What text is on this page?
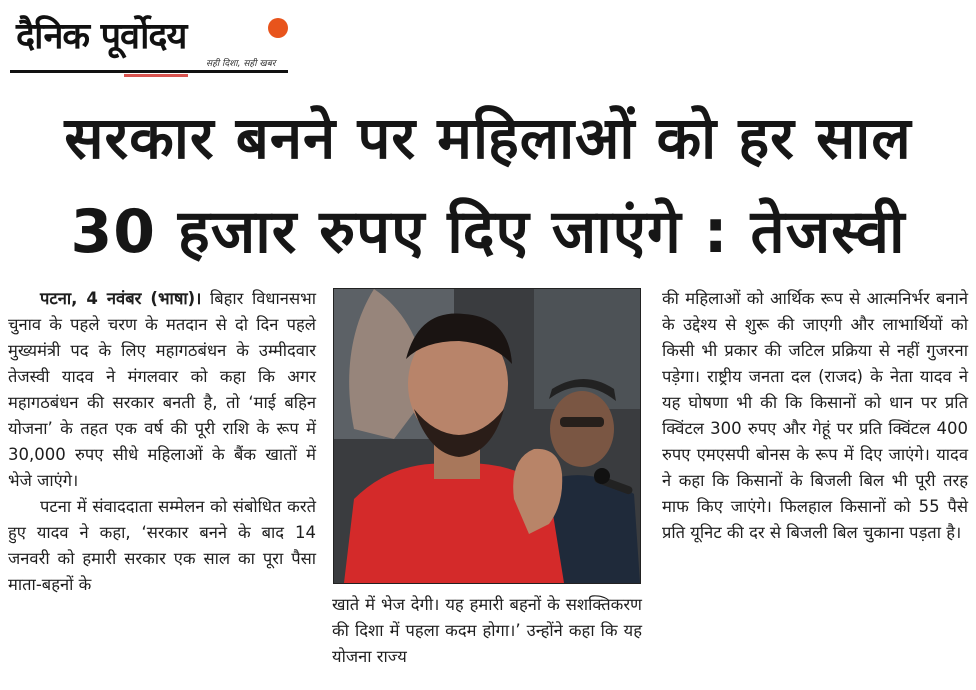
दैनिक पूर्वोदय
सही दिशा, सही खबर
सरकार बनने पर महिलाओं को हर साल
30 हजार रुपए दिए जाएंगे : तेजस्वी

पटना, 4 नवंबर (भाषा)। बिहार विधानसभा चुनाव के पहले चरण के मतदान से दो दिन पहले मुख्यमंत्री पद के लिए महागठबंधन के उम्मीदवार तेजस्वी यादव ने मंगलवार को कहा कि अगर महागठबंधन की सरकार बनती है, तो ‘माई बहिन योजना’ के तहत एक वर्ष की पूरी राशि के रूप में 30,000 रुपए सीधे महिलाओं के बैंक खातों में भेजे जाएंगे।

पटना में संवाददाता सम्मेलन को संबोधित करते हुए यादव ने कहा, ‘सरकार बनने के बाद 14 जनवरी को हमारी सरकार एक साल का पूरा पैसा माता-बहनों के

खाते में भेज देगी। यह हमारी बहनों के सशक्तिकरण की दिशा में पहला कदम होगा।’ उन्होंने कहा कि यह योजना राज्य
की महिलाओं को आर्थिक रूप से आत्मनिर्भर बनाने के उद्देश्य से शुरू की जाएगी और लाभार्थियों को किसी भी प्रकार की जटिल प्रक्रिया से नहीं गुजरना पड़ेगा। राष्ट्रीय जनता दल (राजद) के नेता यादव ने यह घोषणा भी की कि किसानों को धान पर प्रति क्विंटल 300 रुपए और गेहूं पर प्रति क्विंटल 400 रुपए एमएसपी बोनस के रूप में दिए जाएंगे। यादव ने कहा कि किसानों के बिजली बिल भी पूरी तरह माफ किए जाएंगे। फिलहाल किसानों को 55 पैसे प्रति यूनिट की दर से बिजली बिल चुकाना पड़ता है।
